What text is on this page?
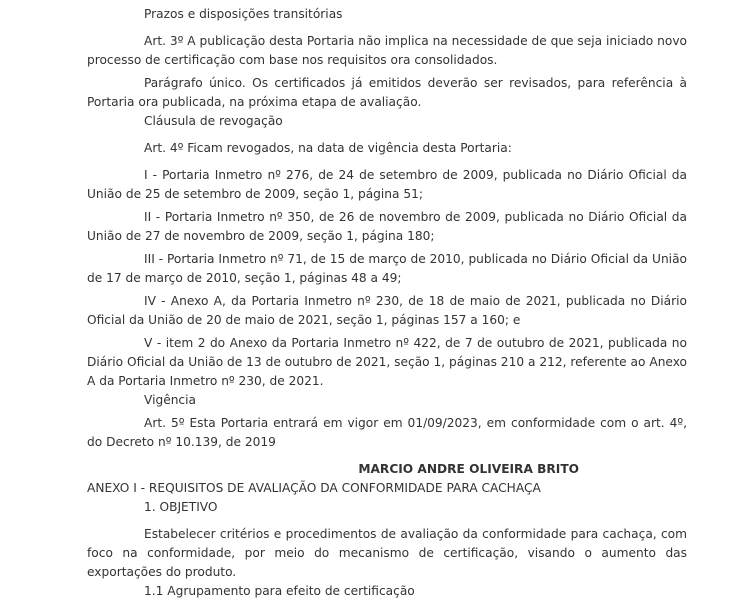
Prazos e disposições transitórias

Art. 3º A publicação desta Portaria não implica na necessidade de que seja iniciado novo processo de certificação com base nos requisitos ora consolidados.

Parágrafo único. Os certificados já emitidos deverão ser revisados, para referência à Portaria ora publicada, na próxima etapa de avaliação.

Cláusula de revogação

Art. 4º Ficam revogados, na data de vigência desta Portaria:

I - Portaria Inmetro nº 276, de 24 de setembro de 2009, publicada no Diário Oficial da União de 25 de setembro de 2009, seção 1, página 51;

II - Portaria Inmetro nº 350, de 26 de novembro de 2009, publicada no Diário Oficial da União de 27 de novembro de 2009, seção 1, página 180;

III - Portaria Inmetro nº 71, de 15 de março de 2010, publicada no Diário Oficial da União de 17 de março de 2010, seção 1, páginas 48 a 49;

IV - Anexo A, da Portaria Inmetro nº 230, de 18 de maio de 2021, publicada no Diário Oficial da União de 20 de maio de 2021, seção 1, páginas 157 a 160; e

V - item 2 do Anexo da Portaria Inmetro nº 422, de 7 de outubro de 2021, publicada no Diário Oficial da União de 13 de outubro de 2021, seção 1, páginas 210 a 212, referente ao Anexo A da Portaria Inmetro nº 230, de 2021.

Vigência

Art. 5º Esta Portaria entrará em vigor em 01/09/2023, em conformidade com o art. 4º, do Decreto nº 10.139, de 2019

MARCIO ANDRE OLIVEIRA BRITO

ANEXO I - REQUISITOS DE AVALIAÇÃO DA CONFORMIDADE PARA CACHAÇA

1. OBJETIVO

Estabelecer critérios e procedimentos de avaliação da conformidade para cachaça, com foco na conformidade, por meio do mecanismo de certificação, visando o aumento das exportações do produto.

1.1 Agrupamento para efeito de certificação
